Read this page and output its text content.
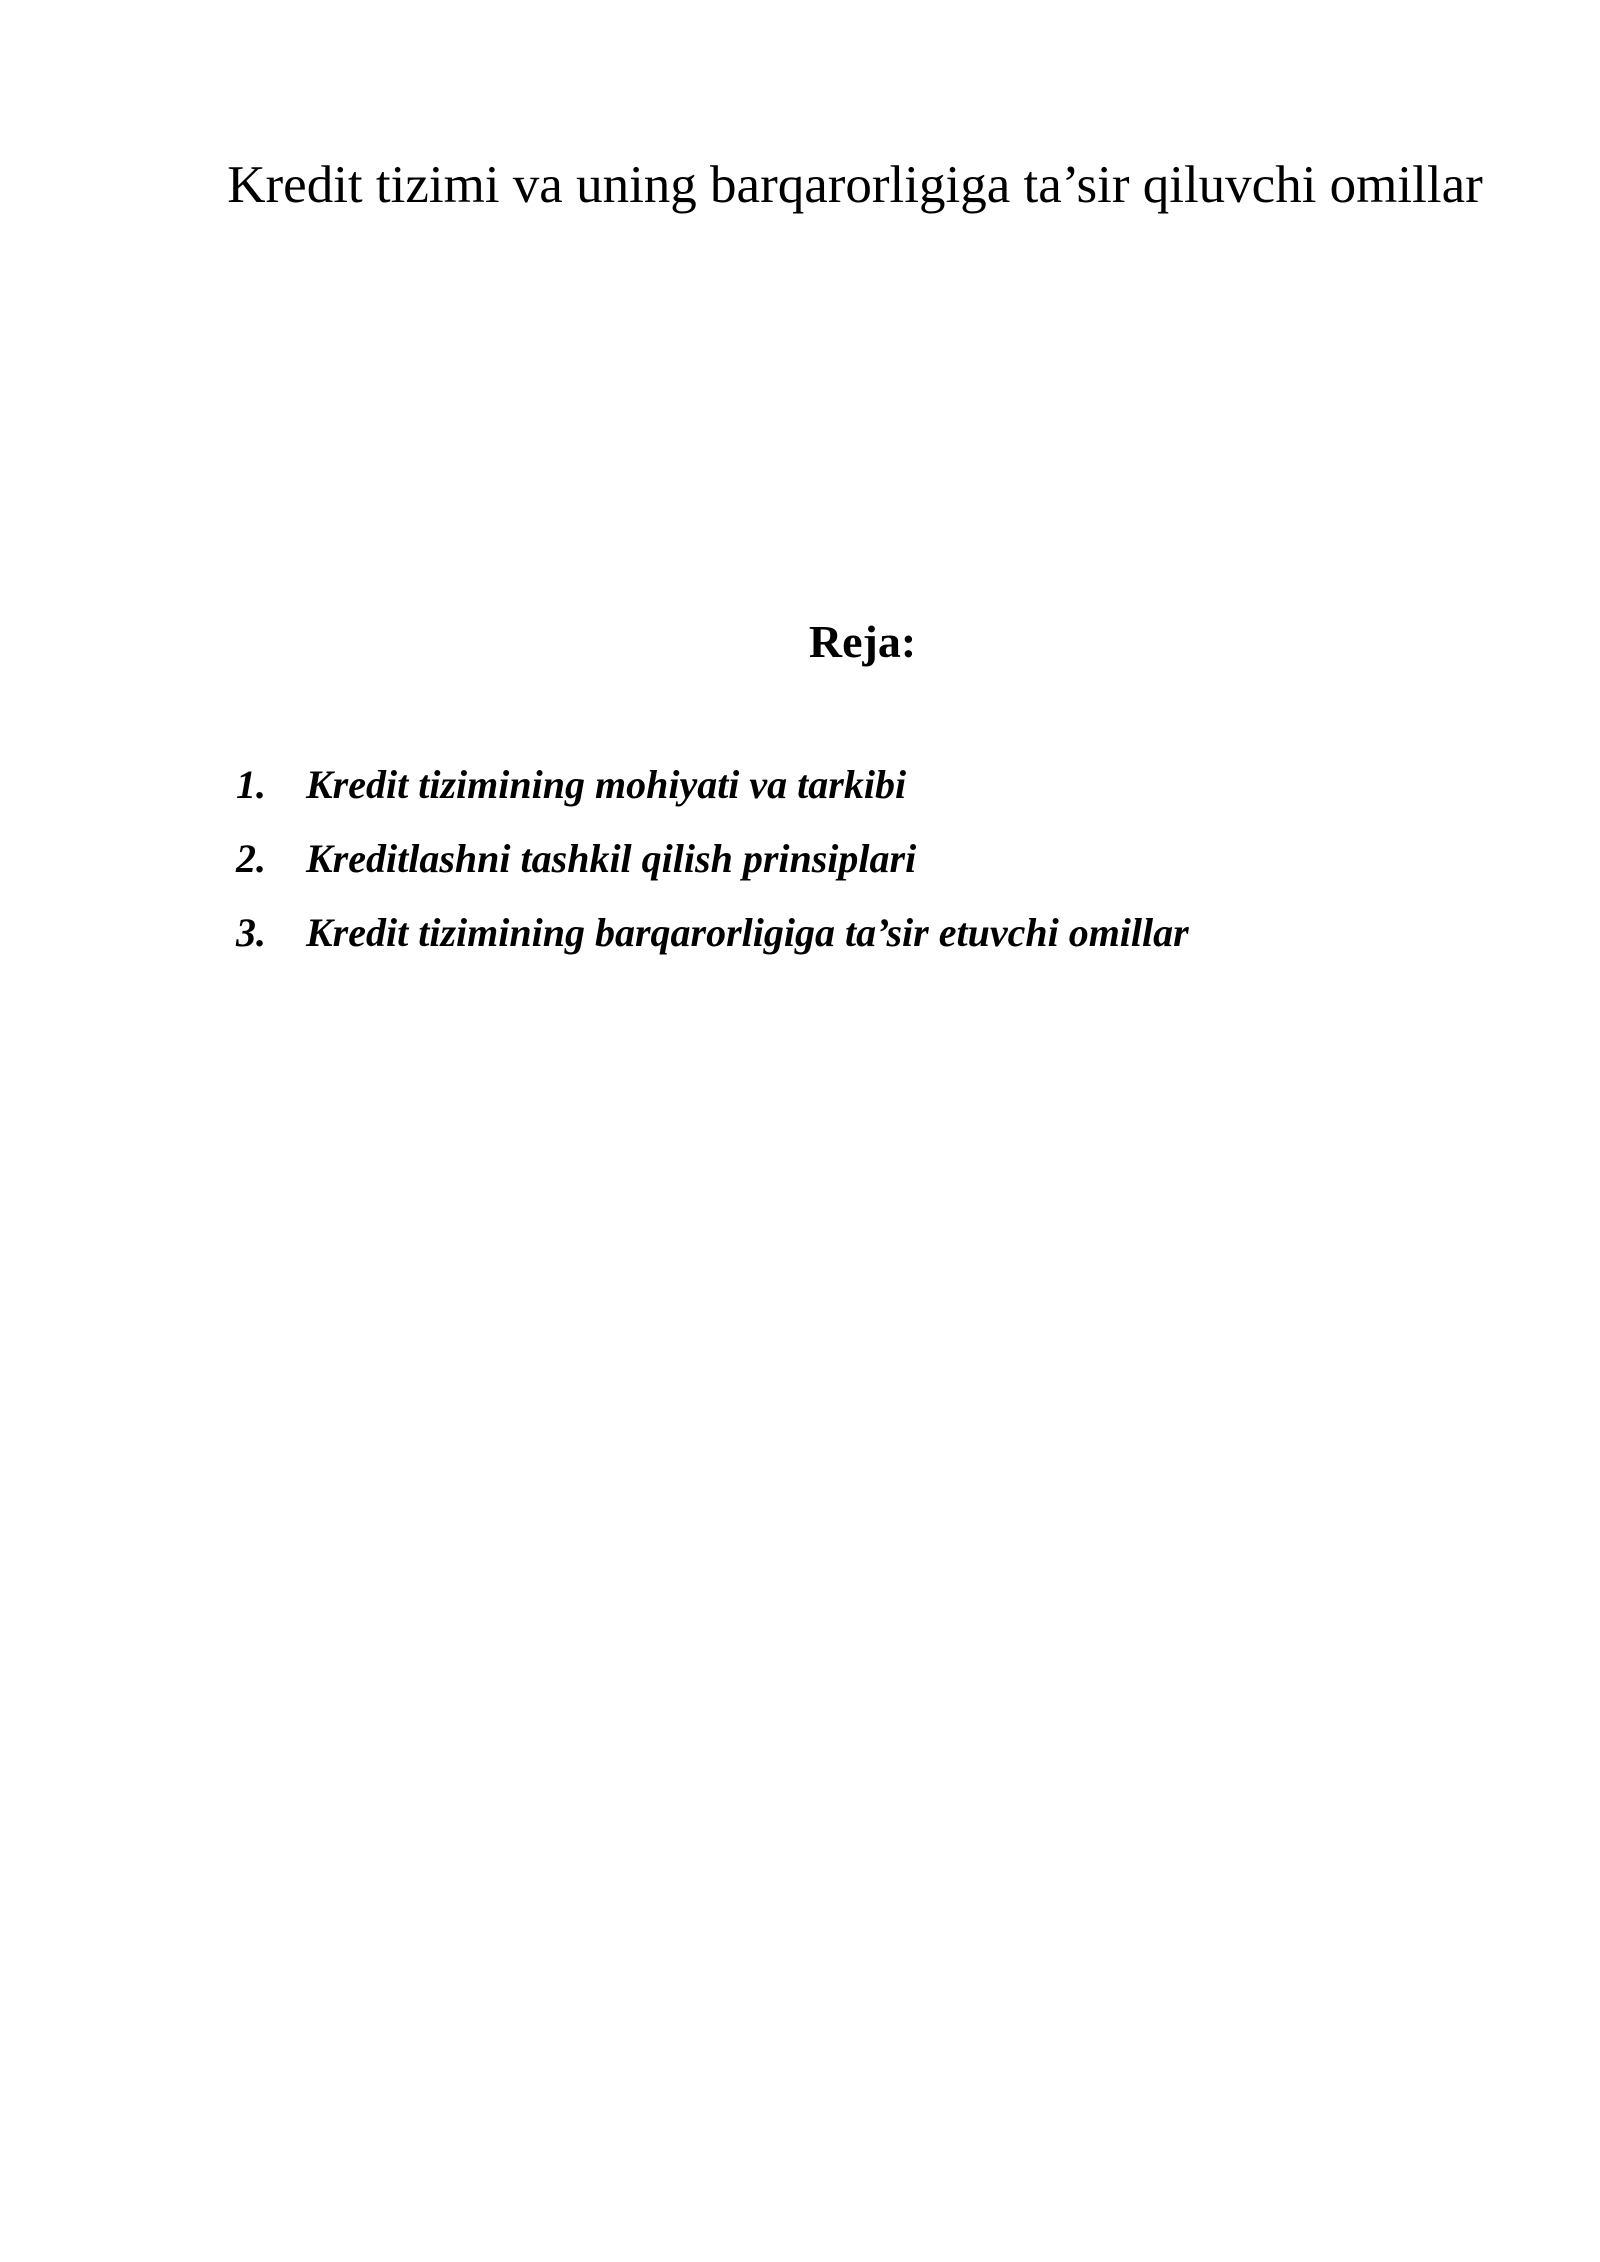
Kredit tizimi va uning barqarorligiga ta’sir qiluvchi omillar
Reja:
1.	Kredit tizimining mohiyati va tarkibi
2.	Kreditlashni tashkil qilish prinsiplari
3.	Kredit tizimining barqarorligiga ta’sir etuvchi omillar
